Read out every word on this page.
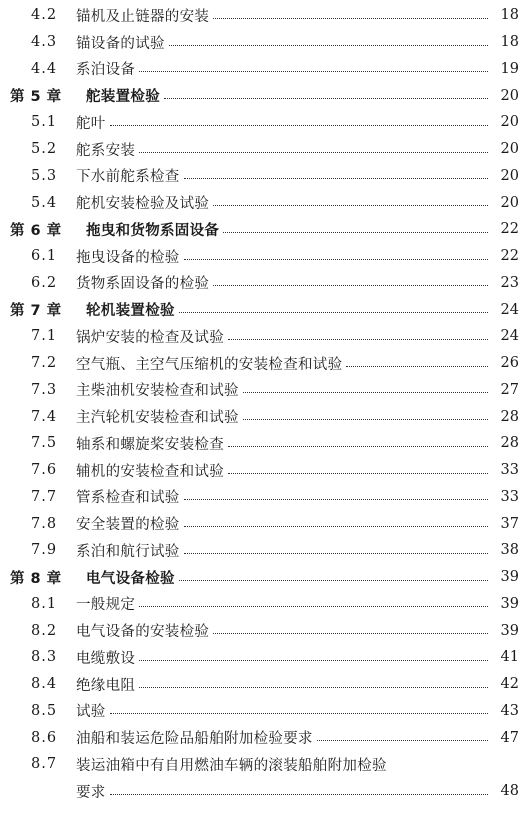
4.2	锚机及止链器的安装	18
4.3	锚设备的试验	18
4.4	系泊设备	19
第 5 章	舵装置检验	20
5.1	舵叶	20
5.2	舵系安装	20
5.3	下水前舵系检查	20
5.4	舵机安装检验及试验	20
第 6 章	拖曳和货物系固设备	22
6.1	拖曳设备的检验	22
6.2	货物系固设备的检验	23
第 7 章	轮机装置检验	24
7.1	锅炉安装的检查及试验	24
7.2	空气瓶、主空气压缩机的安装检查和试验	26
7.3	主柴油机安装检查和试验	27
7.4	主汽轮机安装检查和试验	28
7.5	轴系和螺旋桨安装检查	28
7.6	辅机的安装检查和试验	33
7.7	管系检查和试验	33
7.8	安全装置的检验	37
7.9	系泊和航行试验	38
第 8 章	电气设备检验	39
8.1	一般规定	39
8.2	电气设备的安装检验	39
8.3	电缆敷设	41
8.4	绝缘电阻	42
8.5	试验	43
8.6	油船和装运危险品船舶附加检验要求	47
8.7	装运油箱中有自用燃油车辆的滚装船舶附加检验
要求	48
